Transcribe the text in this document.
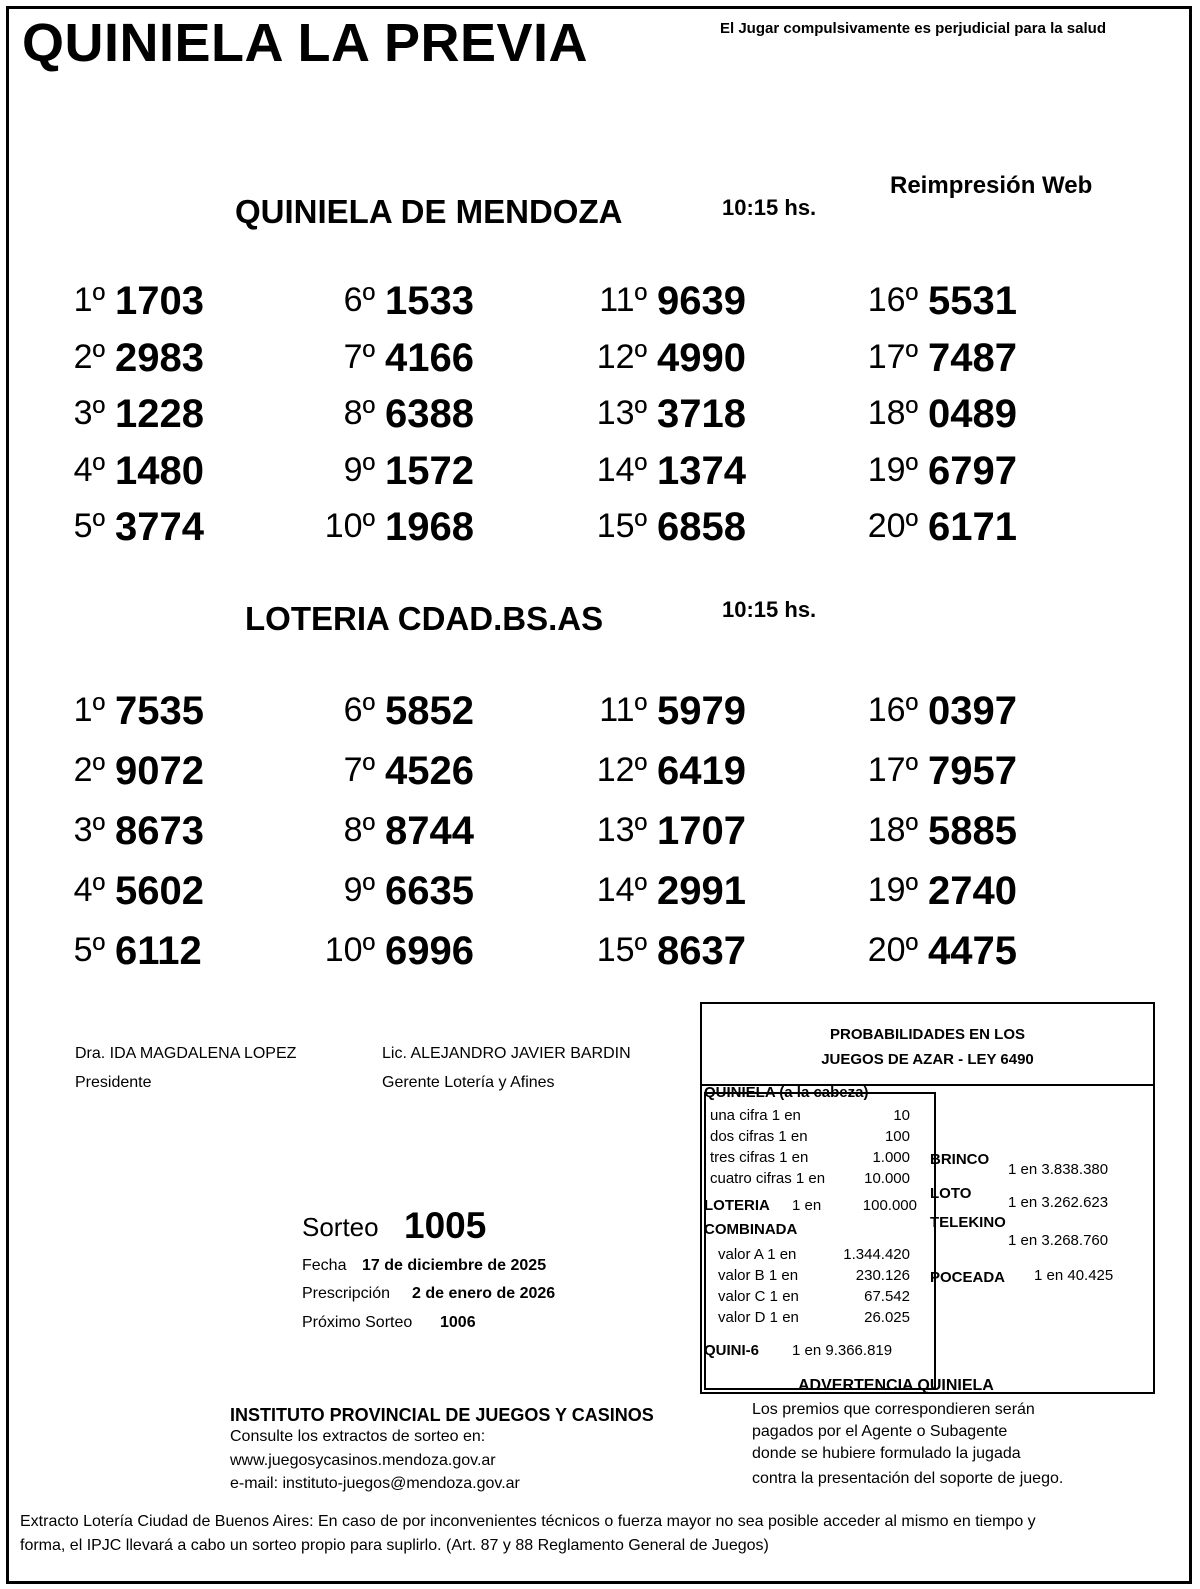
QUINIELA LA PREVIA	El Jugar compulsivamente es perjudicial para la salud
Reimpresión Web
QUINIELA DE MENDOZA	10:15 hs.
1º 1703
2º 2983
3º 1228
4º 1480
5º 3774
6º 1533
7º 4166
8º 6388
9º 1572
10º 1968
11º 9639
12º 4990
13º 3718
14º 1374
15º 6858
16º 5531
17º 7487
18º 0489
19º 6797
20º 6171
LOTERIA CDAD.BS.AS	10:15 hs.
1º 7535
2º 9072
3º 8673
4º 5602
5º 6112
6º 5852
7º 4526
8º 8744
9º 6635
10º 6996
11º 5979
12º 6419
13º 1707
14º 2991
15º 8637
16º 0397
17º 7957
18º 5885
19º 2740
20º 4475
Dra. IDA MAGDALENA LOPEZ
Presidente
Lic. ALEJANDRO JAVIER BARDIN
Gerente Lotería y Afines
Sorteo 1005
Fecha 17 de diciembre de 2025
Prescripción 2 de enero de 2026
Próximo Sorteo 1006
PROBABILIDADES EN LOS
JUEGOS DE AZAR - LEY 6490
QUINIELA (a la cabeza)
una cifra 1 en	10
dos cifras 1 en	100
tres cifras 1 en	1.000
cuatro cifras 1 en	10.000
LOTERIA 1 en	100.000
COMBINADA
valor A 1 en	1.344.420
valor B 1 en	230.126
valor C 1 en	67.542
valor D 1 en	26.025
QUINI-6 1 en 9.366.819
BRINCO
1 en 3.838.380
LOTO
1 en 3.262.623
TELEKINO
1 en 3.268.760
POCEADA 1 en 40.425
INSTITUTO PROVINCIAL DE JUEGOS Y CASINOS
Consulte los extractos de sorteo en:
www.juegosycasinos.mendoza.gov.ar
e-mail: instituto-juegos@mendoza.gov.ar
ADVERTENCIA QUINIELA
Los premios que correspondieren serán
pagados por el Agente o Subagente
donde se hubiere formulado la jugada
contra la presentación del soporte de juego.
Extracto Lotería Ciudad de Buenos Aires: En caso de por inconvenientes técnicos o fuerza mayor no sea posible acceder al mismo en tiempo y
forma, el IPJC llevará a cabo un sorteo propio para suplirlo. (Art. 87 y 88 Reglamento General de Juegos)
